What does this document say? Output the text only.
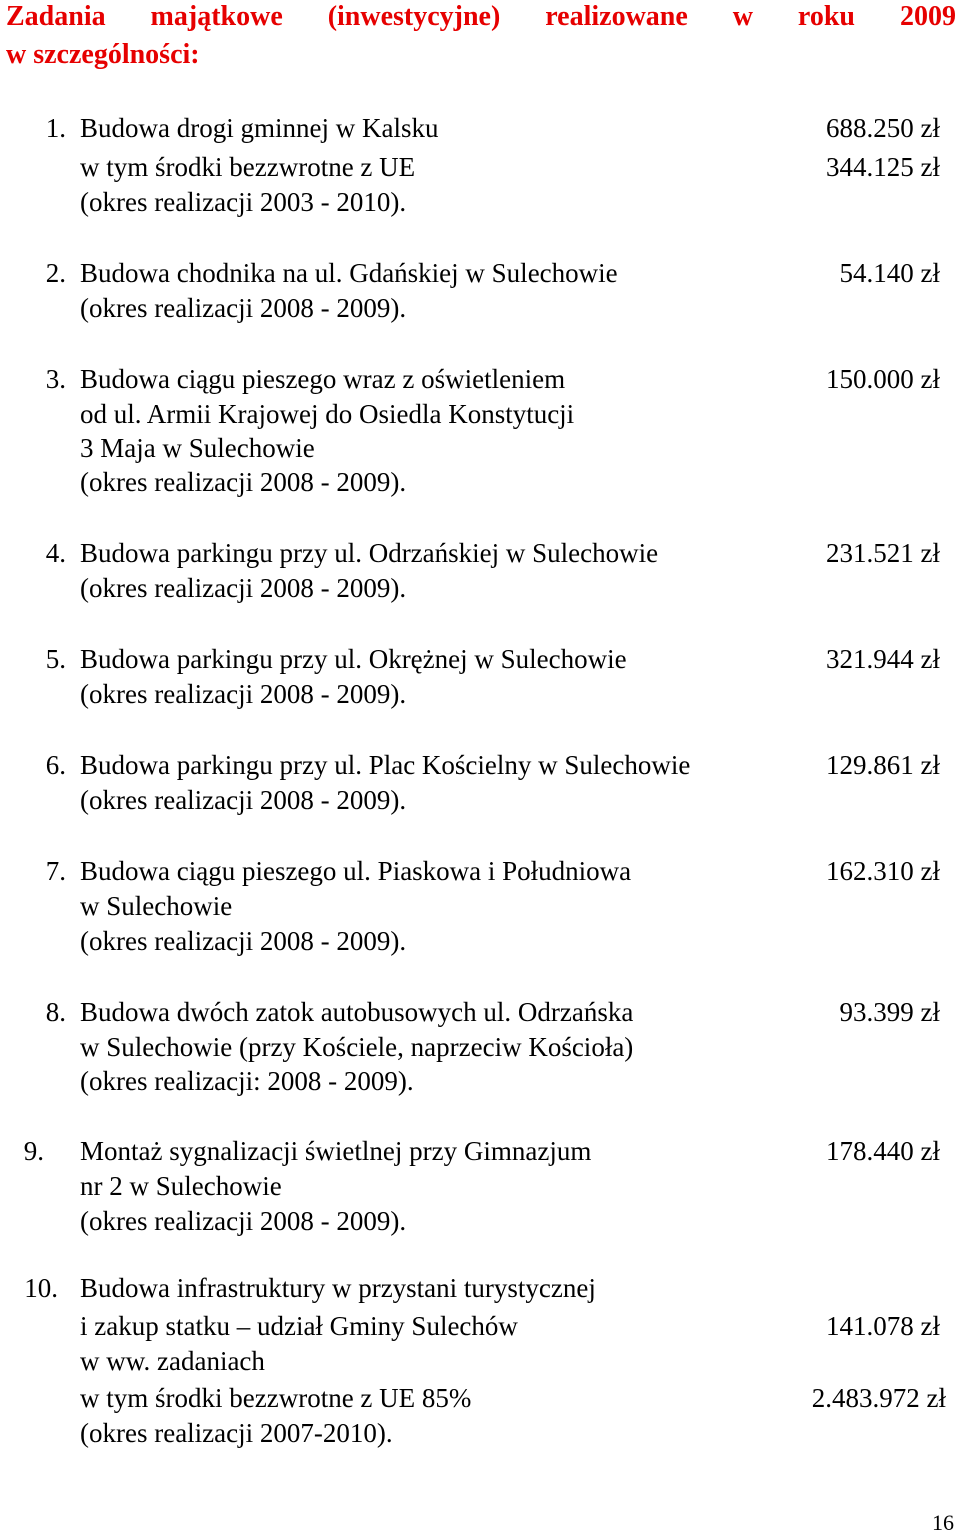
Zadania majątkowe (inwestycyjne) realizowane w roku 2009
w szczególności:
1. Budowa drogi gminnej w Kalsku
w tym środki bezzwrotne z UE
(okres realizacji 2003 - 2010).
688.250 zł
344.125 zł
2. Budowa chodnika na ul. Gdańskiej w Sulechowie
(okres realizacji 2008 - 2009).
54.140 zł
3. Budowa ciągu pieszego wraz z oświetleniem
od ul. Armii Krajowej do Osiedla Konstytucji
3 Maja w Sulechowie
(okres realizacji 2008 - 2009).
150.000 zł
4. Budowa parkingu przy ul. Odrzańskiej w Sulechowie
(okres realizacji 2008 - 2009).
231.521 zł
5. Budowa parkingu przy ul. Okrężnej w Sulechowie
(okres realizacji 2008 - 2009).
321.944 zł
6. Budowa parkingu przy ul. Plac Kościelny w Sulechowie
(okres realizacji 2008 - 2009).
129.861 zł
7. Budowa ciągu pieszego ul. Piaskowa i Południowa
w Sulechowie
(okres realizacji 2008 - 2009).
162.310 zł
8. Budowa dwóch zatok autobusowych ul. Odrzańska
w Sulechowie (przy Kościele, naprzeciw Kościoła)
(okres realizacji: 2008 - 2009).
93.399 zł
9. Montaż sygnalizacji świetlnej przy Gimnazjum
nr 2 w Sulechowie
(okres realizacji 2008 - 2009).
178.440 zł
10. Budowa infrastruktury w przystani turystycznej
i zakup statku – udział Gminy Sulechów
w ww. zadaniach
w tym środki bezzwrotne z UE 85%
(okres realizacji 2007-2010).
141.078 zł
2.483.972 zł
16
